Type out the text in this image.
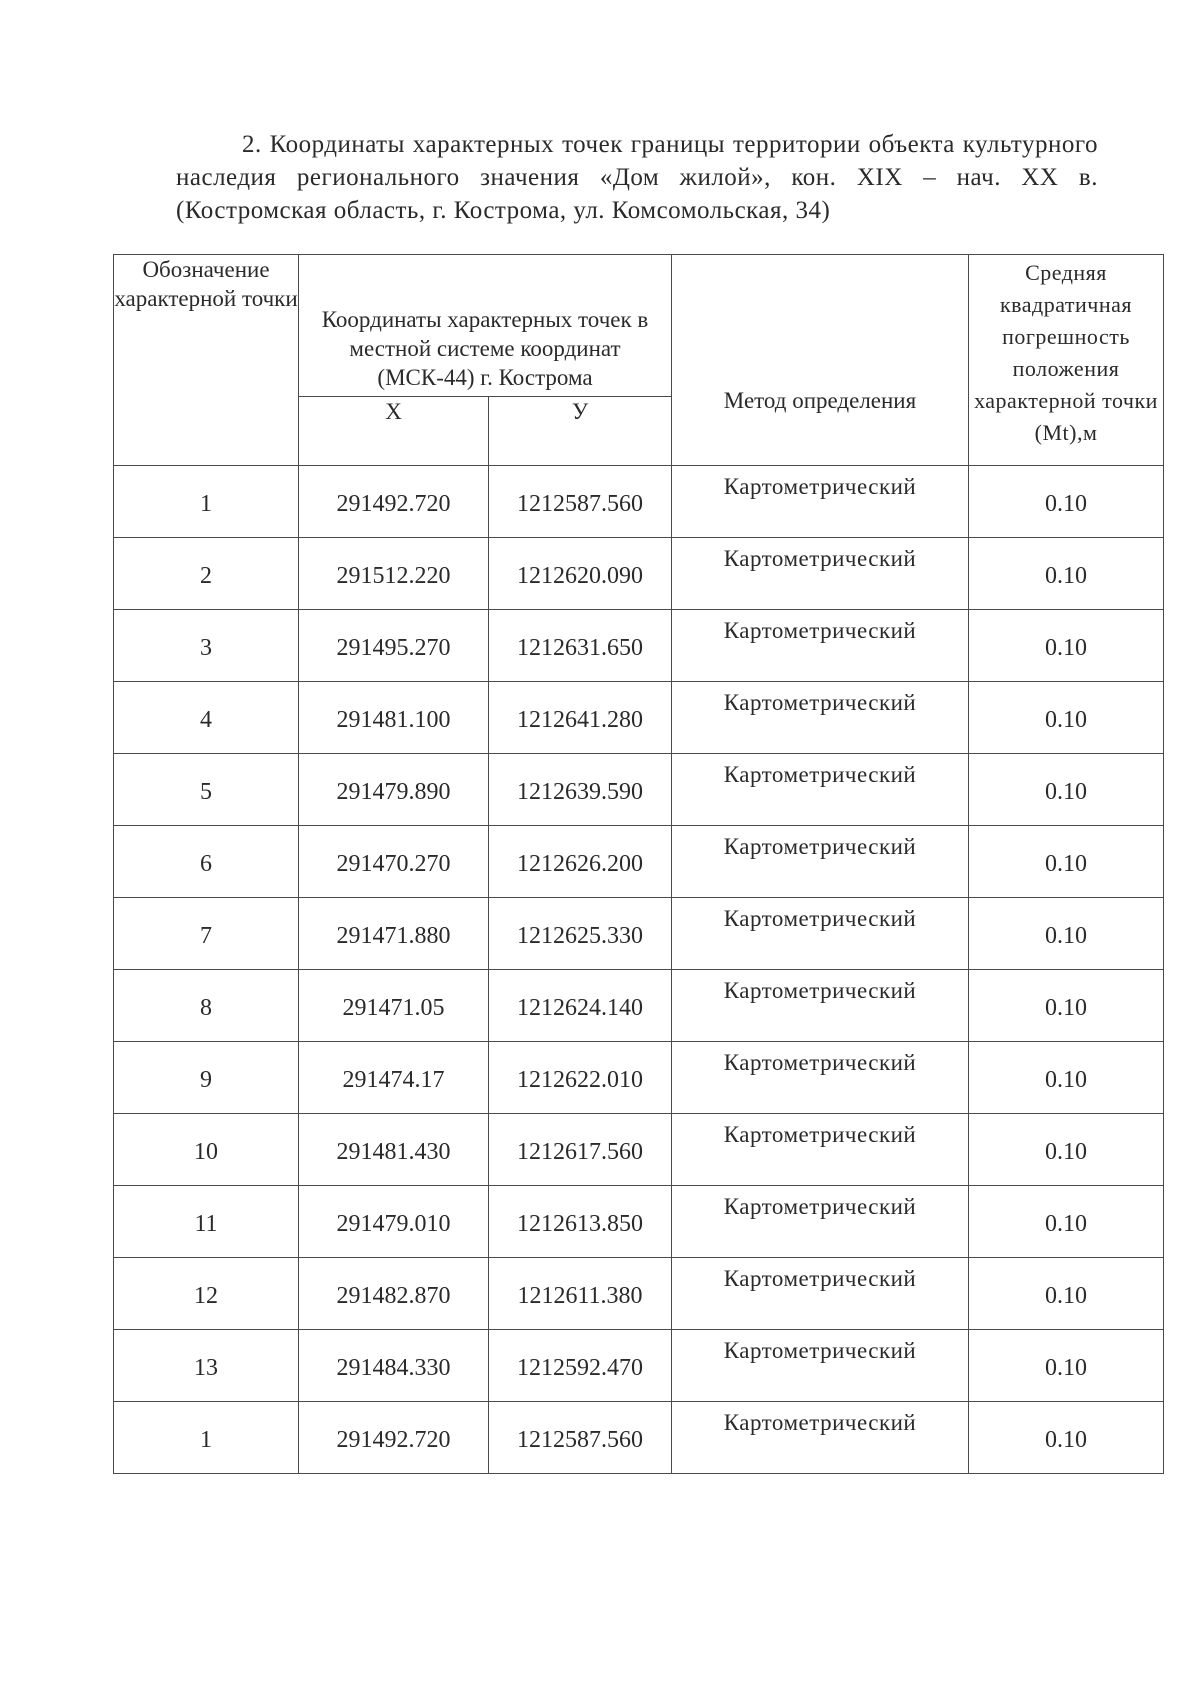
2. Координаты характерных точек границы территории объекта культурного наследия регионального значения «Дом жилой», кон. XIX – нач. XX в. (Костромская область, г. Кострома, ул. Комсомольская, 34)
Обозначение характерной точки	Координаты характерных точек в местной системе координат (МСК-44) г. Кострома		Метод определения	Средняя квадратичная погрешность положения характерной точки (Mt),м
	X	У		
1	291492.720	1212587.560	Картометрический	0.10
2	291512.220	1212620.090	Картометрический	0.10
3	291495.270	1212631.650	Картометрический	0.10
4	291481.100	1212641.280	Картометрический	0.10
5	291479.890	1212639.590	Картометрический	0.10
6	291470.270	1212626.200	Картометрический	0.10
7	291471.880	1212625.330	Картометрический	0.10
8	291471.05	1212624.140	Картометрический	0.10
9	291474.17	1212622.010	Картометрический	0.10
10	291481.430	1212617.560	Картометрический	0.10
11	291479.010	1212613.850	Картометрический	0.10
12	291482.870	1212611.380	Картометрический	0.10
13	291484.330	1212592.470	Картометрический	0.10
1	291492.720	1212587.560	Картометрический	0.10
